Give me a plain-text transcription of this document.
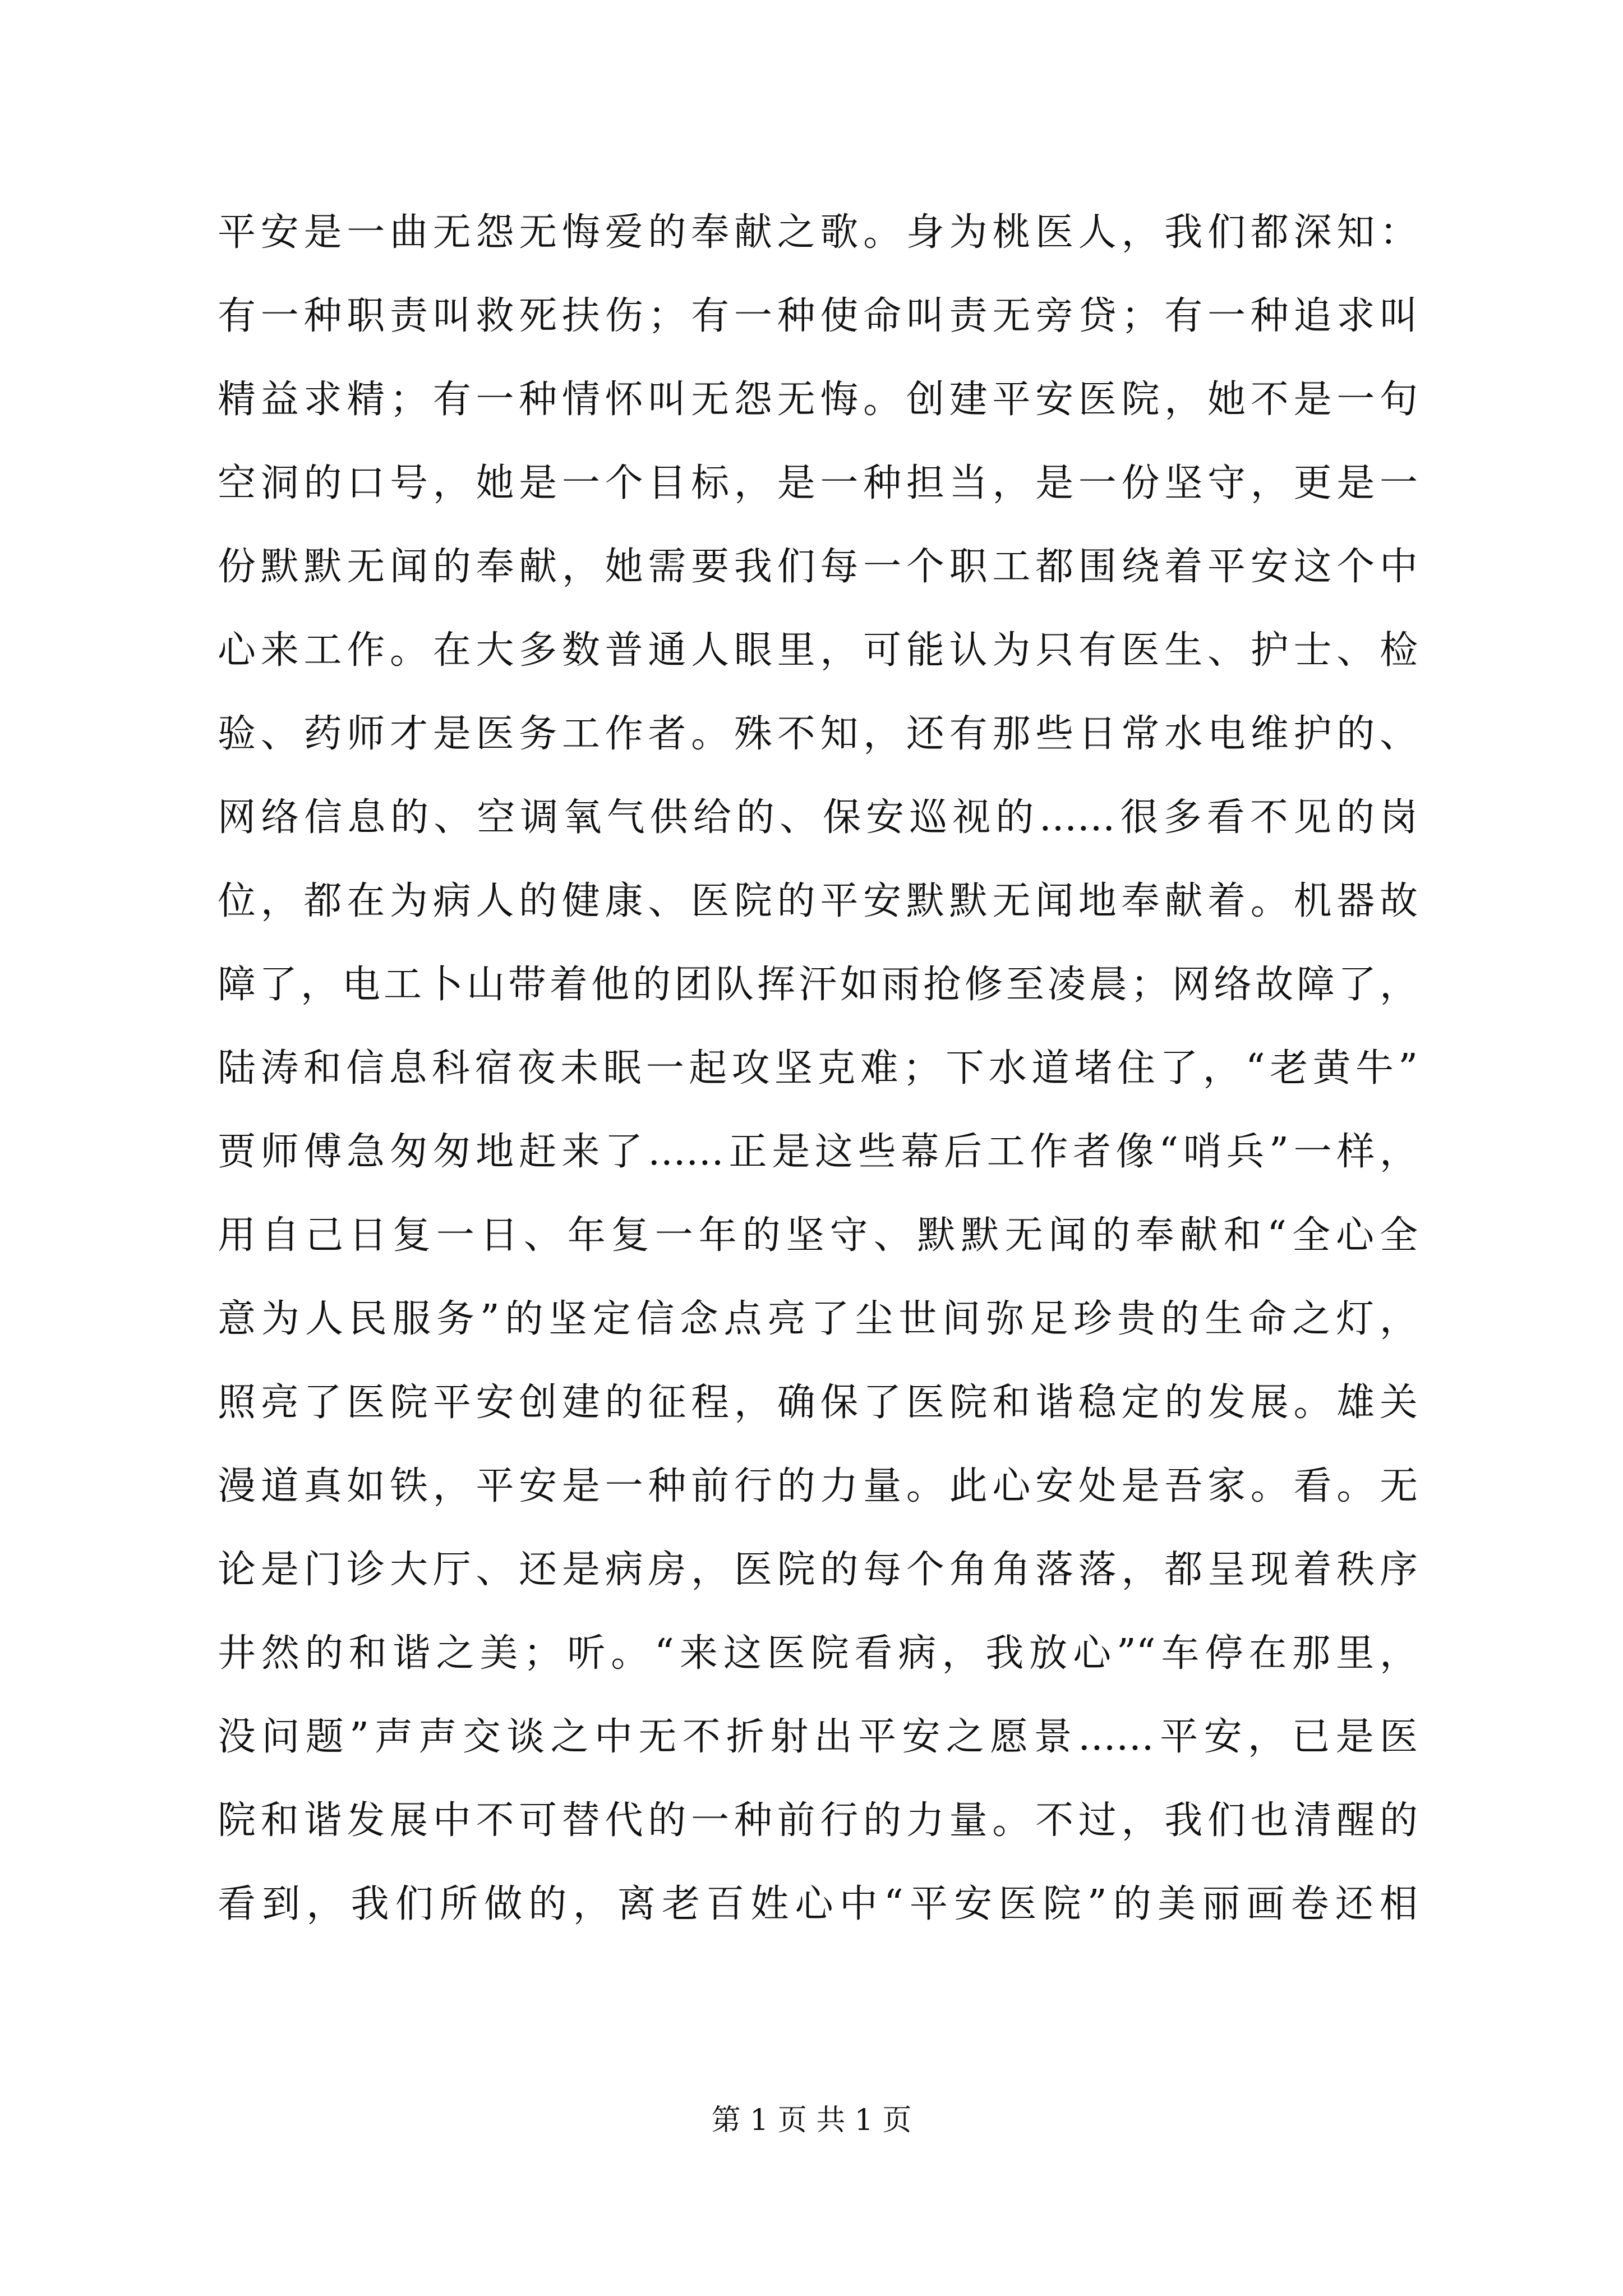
平安是一曲无怨无悔爱的奉献之歌。身为桃医人，我们都深知：
有一种职责叫救死扶伤；有一种使命叫责无旁贷；有一种追求叫
精益求精；有一种情怀叫无怨无悔。创建平安医院，她不是一句
空洞的口号，她是一个目标，是一种担当，是一份坚守，更是一
份默默无闻的奉献，她需要我们每一个职工都围绕着平安这个中
心来工作。在大多数普通人眼里，可能认为只有医生、护士、检
验、药师才是医务工作者。殊不知，还有那些日常水电维护的、
网络信息的、空调氧气供给的、保安巡视的……很多看不见的岗
位，都在为病人的健康、医院的平安默默无闻地奉献着。机器故
障了，电工卜山带着他的团队挥汗如雨抢修至凌晨；网络故障了，
陆涛和信息科宿夜未眠一起攻坚克难；下水道堵住了，“老黄牛”
贾师傅急匆匆地赶来了……正是这些幕后工作者像“哨兵”一样，
用自己日复一日、年复一年的坚守、默默无闻的奉献和“全心全
意为人民服务”的坚定信念点亮了尘世间弥足珍贵的生命之灯，
照亮了医院平安创建的征程，确保了医院和谐稳定的发展。雄关
漫道真如铁，平安是一种前行的力量。此心安处是吾家。看。无
论是门诊大厅、还是病房，医院的每个角角落落，都呈现着秩序
井然的和谐之美；听。“来这医院看病，我放心”“车停在那里，
没问题”声声交谈之中无不折射出平安之愿景……平安，已是医
院和谐发展中不可替代的一种前行的力量。不过，我们也清醒的
看到，我们所做的，离老百姓心中“平安医院”的美丽画卷还相
第 1 页 共 1 页
